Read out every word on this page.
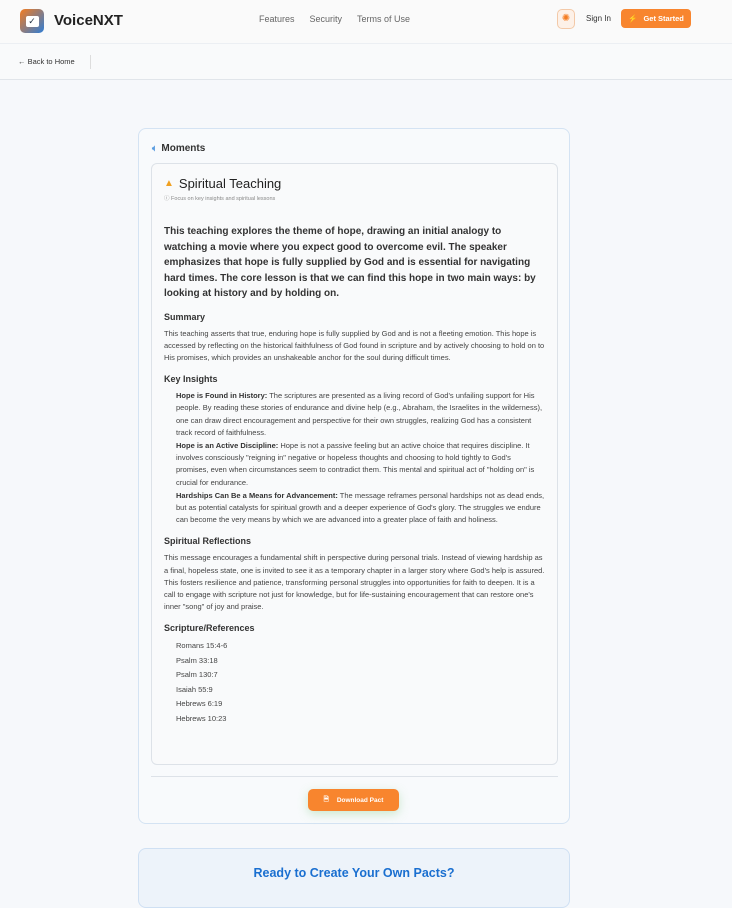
✓ VoiceNXT	Features Security Terms of Use	✺	Sign In ⚡ Get Started
← Back to Home
🔈︎ Moments
▲ Spiritual Teaching
ⓘ Focus on key insights and spiritual lessons
This teaching explores the theme of hope, drawing an initial analogy to watching a movie where you expect good to overcome evil. The speaker emphasizes that hope is fully supplied by God and is essential for navigating hard times. The core lesson is that we can find this hope in two main ways: by looking at history and by holding on.
Summary

This teaching asserts that true, enduring hope is fully supplied by God and is not a fleeting emotion. This hope is accessed by reflecting on the historical faithfulness of God found in scripture and by actively choosing to hold on to His promises, which provides an unshakeable anchor for the soul during difficult times.

Key Insights

Hope is Found in History: The scriptures are presented as a living record of God's unfailing support for His people. By reading these stories of endurance and divine help (e.g., Abraham, the Israelites in the wilderness), one can draw direct encouragement and perspective for their own struggles, realizing God has a consistent track record of faithfulness.

Hope is an Active Discipline: Hope is not a passive feeling but an active choice that requires discipline. It involves consciously "reigning in" negative or hopeless thoughts and choosing to hold tightly to God's promises, even when circumstances seem to contradict them. This mental and spiritual act of "holding on" is crucial for endurance.

Hardships Can Be a Means for Advancement: The message reframes personal hardships not as dead ends, but as potential catalysts for spiritual growth and a deeper experience of God's glory. The struggles we endure can become the very means by which we are advanced into a greater place of faith and holiness.

Spiritual Reflections

This message encourages a fundamental shift in perspective during personal trials. Instead of viewing hardship as a final, hopeless state, one is invited to see it as a temporary chapter in a larger story where God's help is assured. This fosters resilience and patience, transforming personal struggles into opportunities for faith to deepen. It is a call to engage with scripture not just for knowledge, but for life-sustaining encouragement that can restore one's inner "song" of joy and praise.

Scripture/References
Romans 15:4-6
Psalm 33:18
Psalm 130:7
Isaiah 55:9
Hebrews 6:19
Hebrews 10:23
🗎︎ Download Pact
Ready to Create Your Own Pacts?
